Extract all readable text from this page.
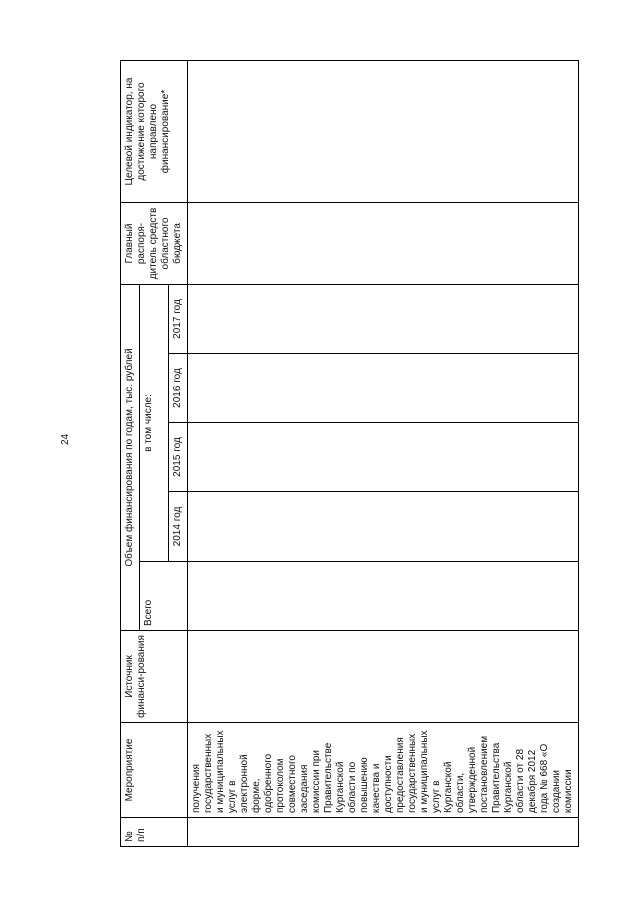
24
№ п/п	Мероприятие	Источник финанси-рования	Объем финансирования по годам, тыс. рублей					Главный распоря-дитель средств областного бюджета	Целевой индикатор, на достижение которого направлено финансирование*
			Всего	в том числе:					
				2014 год	2015 год	2016 год	2017 год		
	получения государственных и муниципальных услуг в электронной форме, одобренного протоколом совместного заседания комиссии при Правительстве Курганской области по повышению качества и доступности предоставления государственных и муниципальных услуг в Курганской области, утвержденной постановлением Правительства Курганской области от 28 декабря 2012 года № 668 «О создании комиссии								
